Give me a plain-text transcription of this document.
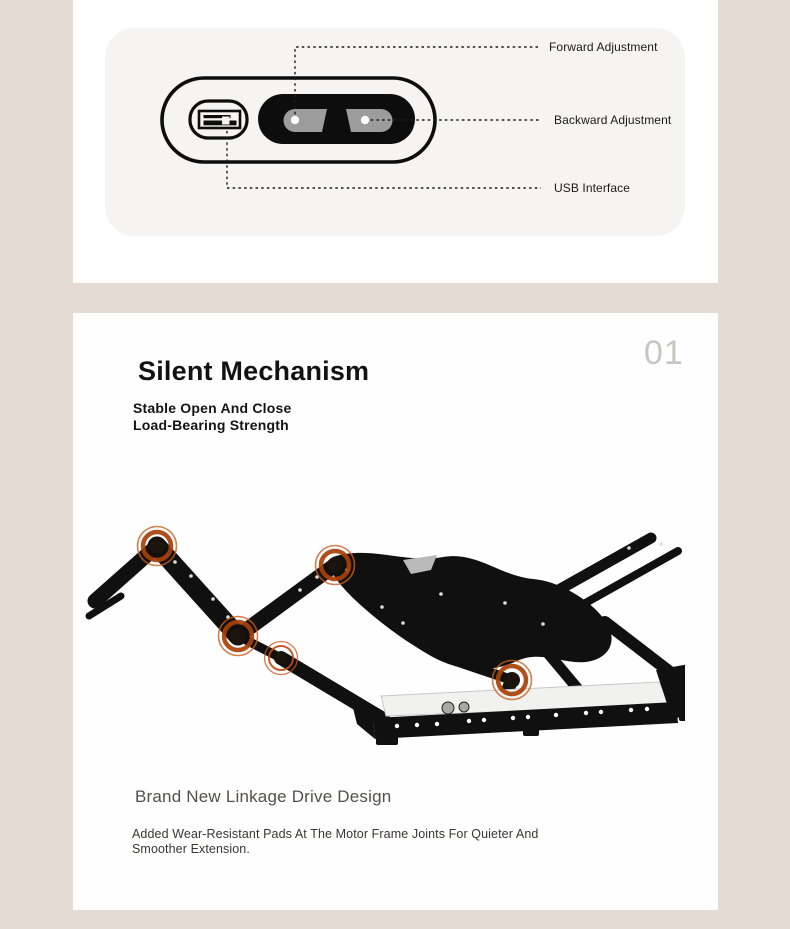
Forward Adjustment
Backward Adjustment
USB Interface
01
Silent Mechanism
Stable Open And Close
Load-Bearing Strength
Brand New Linkage Drive Design

Added Wear-Resistant Pads At The Motor Frame Joints For Quieter And
Smoother Extension.
